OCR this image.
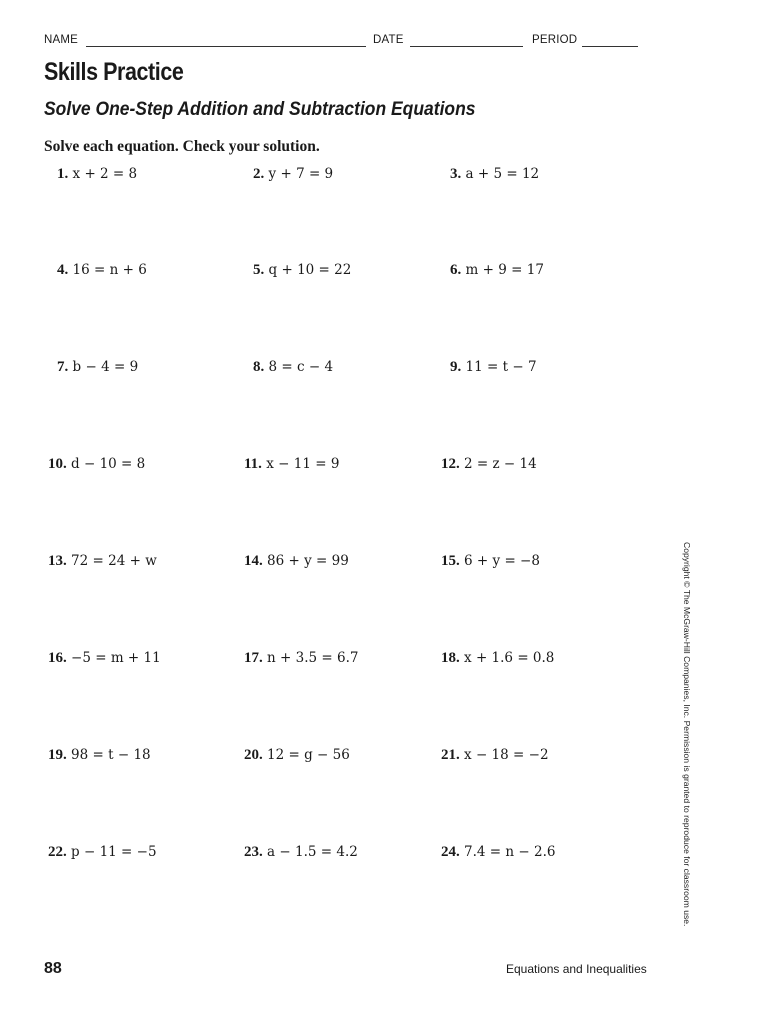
NAME	DATE	PERIOD
Skills Practice
Solve One-Step Addition and Subtraction Equations
Solve each equation. Check your solution.
1. x + 2 = 8	2. y + 7 = 9	3. a + 5 = 12
4. 16 = n + 6	5. q + 10 = 22	6. m + 9 = 17
7. b − 4 = 9	8. 8 = c − 4	9. 11 = t − 7
10. d − 10 = 8	11. x − 11 = 9	12. 2 = z − 14
13. 72 = 24 + w	14. 86 + y = 99	15. 6 + y = −8
16. −5 = m + 11	17. n + 3.5 = 6.7	18. x + 1.6 = 0.8
19. 98 = t − 18	20. 12 = g − 56	21. x − 18 = −2
22. p − 11 = −5	23. a − 1.5 = 4.2	24. 7.4 = n − 2.6	Copyright © The McGraw-Hill Companies, Inc. Permission is granted to reproduce for classroom use.
88	Equations and Inequalities
